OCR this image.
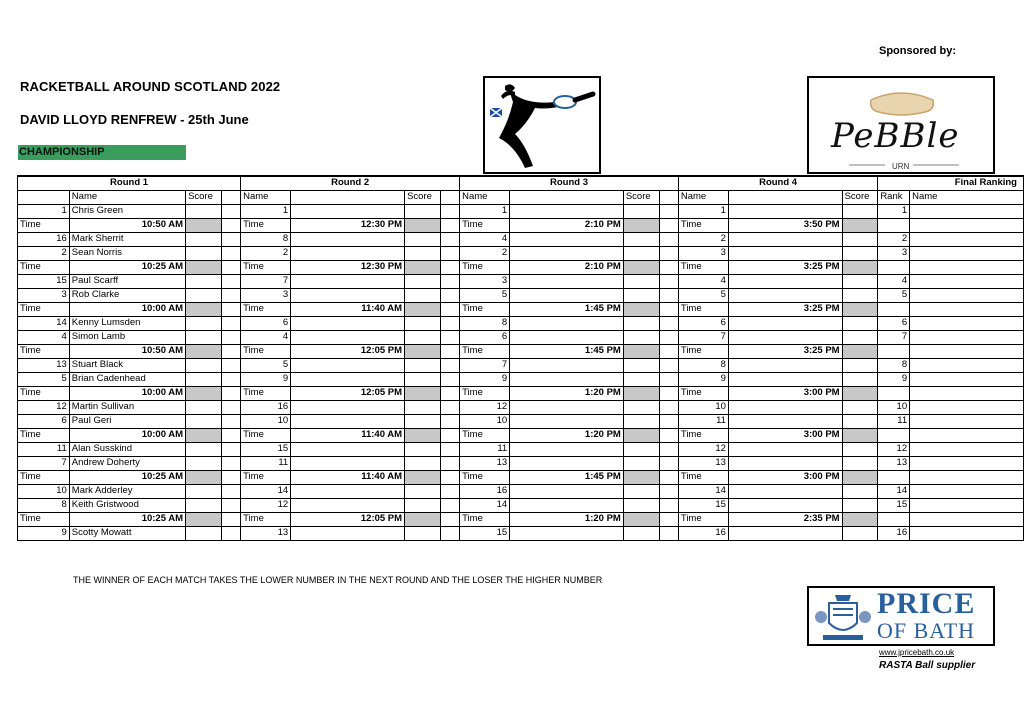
Sponsored by:
RACKETBALL AROUND SCOTLAND 2022
DAVID LLOYD RENFREW - 25th June
CHAMPIONSHIP	PeBBle
URN
Round 1				Round 2				Round 3				Round 4			Final Ranking	
	Name	Score		Name		Score		Name		Score		Name		Score	Rank	Name
1	Chris Green			1				1				1			1	
Time	10:50 AM			Time	12:30 PM			Time	2:10 PM			Time	3:50 PM			
16	Mark Sherrit			8				4				2			2	
2	Sean Norris			2				2				3			3	
Time	10:25 AM			Time	12:30 PM			Time	2:10 PM			Time	3:25 PM			
15	Paul Scarff			7				3				4			4	
3	Rob Clarke			3				5				5			5	
Time	10:00 AM			Time	11:40 AM			Time	1:45 PM			Time	3:25 PM			
14	Kenny Lumsden			6				8				6			6	
4	Simon Lamb			4				6				7			7	
Time	10:50 AM			Time	12:05 PM			Time	1:45 PM			Time	3:25 PM			
13	Stuart Black			5				7				8			8	
5	Brian Cadenhead			9				9				9			9	
Time	10:00 AM			Time	12:05 PM			Time	1:20 PM			Time	3:00 PM			
12	Martin Sullivan			16				12				10			10	
6	Paul Geri			10				10				11			11	
Time	10:00 AM			Time	11:40 AM			Time	1:20 PM			Time	3:00 PM			
11	Alan Susskind			15				11				12			12	
7	Andrew Doherty			11				13				13			13	
Time	10:25 AM			Time	11:40 AM			Time	1:45 PM			Time	3:00 PM			
10	Mark Adderley			14				16				14			14	
8	Keith Gristwood			12				14				15			15	
Time	10:25 AM			Time	12:05 PM			Time	1:20 PM			Time	2:35 PM			
9	Scotty Mowatt			13				15				16			16	
THE WINNER OF EACH MATCH TAKES THE LOWER NUMBER IN THE NEXT ROUND AND THE LOSER THE HIGHER NUMBER
PRICE
OF BATH
www.jpricebath.co.uk
RASTA Ball supplier
